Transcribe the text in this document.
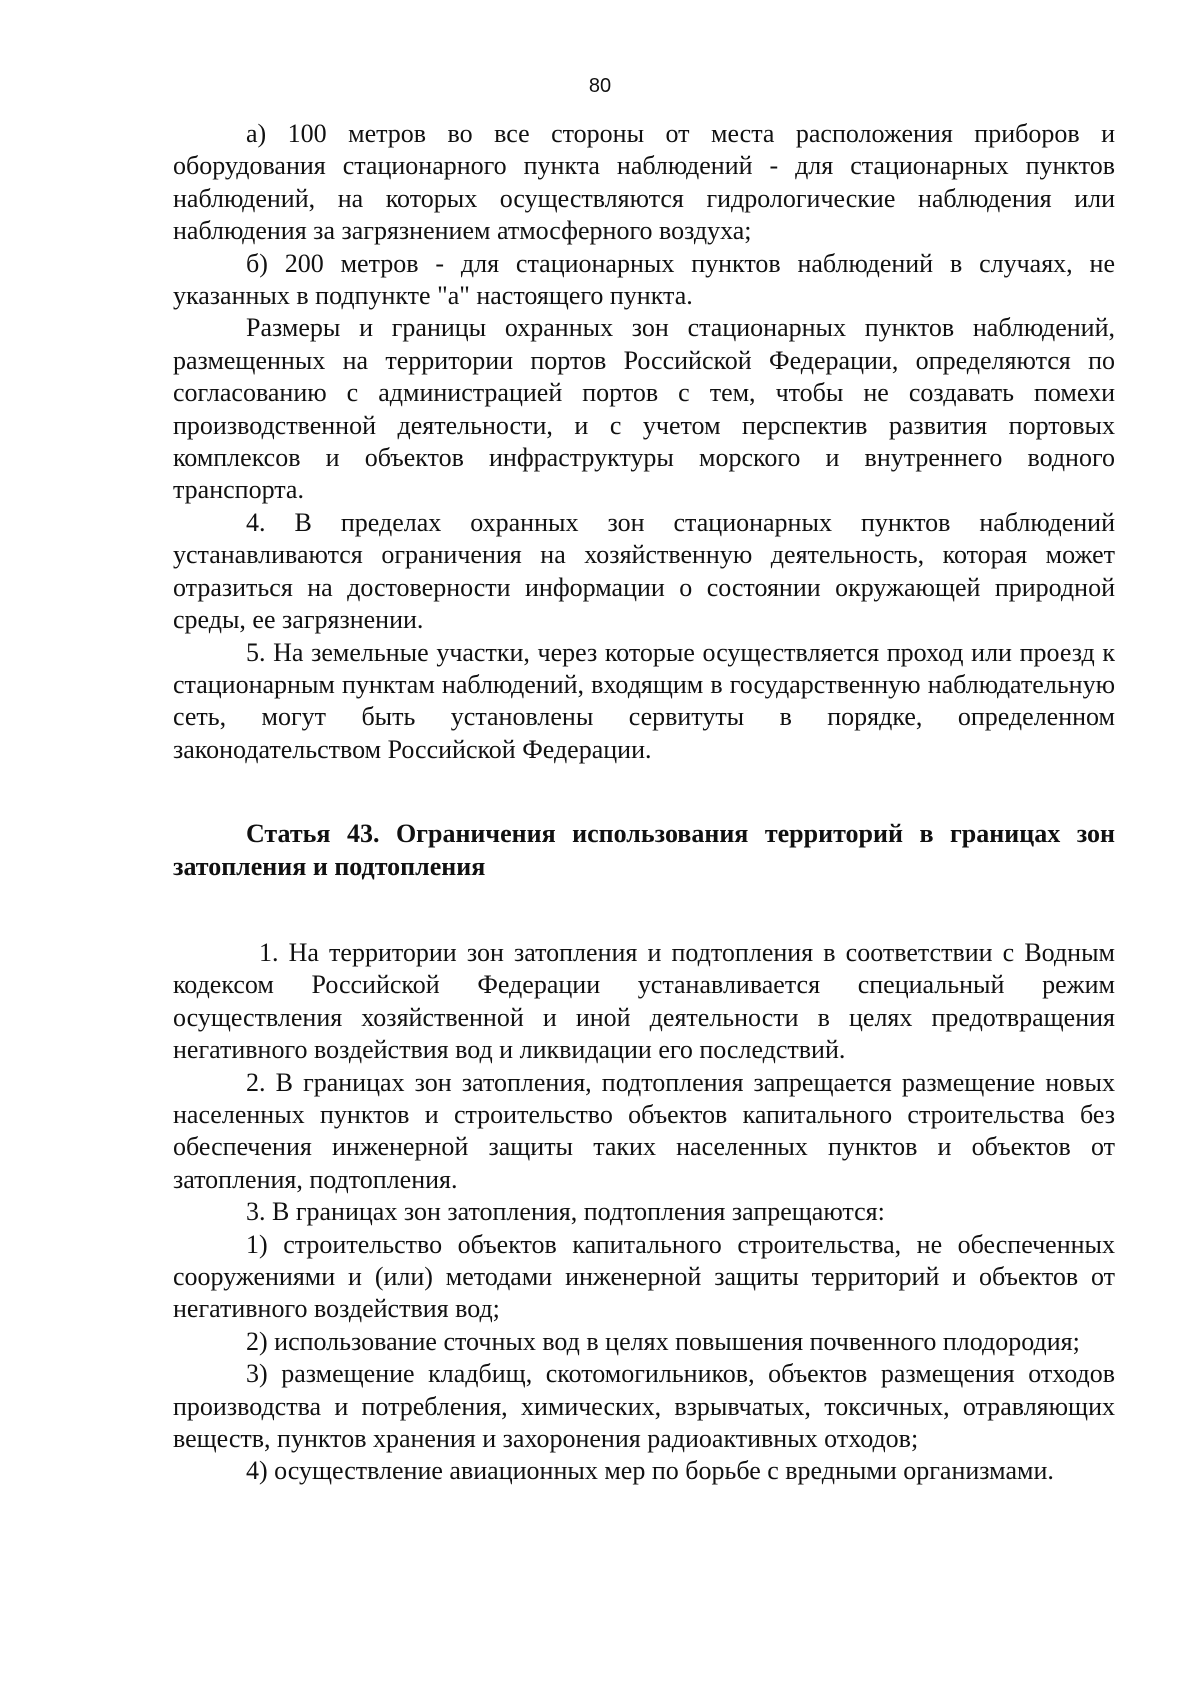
80

а) 100 метров во все стороны от места расположения приборов и оборудования стационарного пункта наблюдений - для стационарных пунктов наблюдений, на которых осуществляются гидрологические наблюдения или наблюдения за загрязнением атмосферного воздуха;

б) 200 метров - для стационарных пунктов наблюдений в случаях, не указанных в подпункте "а" настоящего пункта.

Размеры и границы охранных зон стационарных пунктов наблюдений, размещенных на территории портов Российской Федерации, определяются по согласованию с администрацией портов с тем, чтобы не создавать помехи производственной деятельности, и с учетом перспектив развития портовых комплексов и объектов инфраструктуры морского и внутреннего водного транспорта.

4. В пределах охранных зон стационарных пунктов наблюдений устанавливаются ограничения на хозяйственную деятельность, которая может отразиться на достоверности информации о состоянии окружающей природной среды, ее загрязнении.

5. На земельные участки, через которые осуществляется проход или проезд к стационарным пунктам наблюдений, входящим в государственную наблюдательную сеть, могут быть установлены сервитуты в порядке, определенном законодательством Российской Федерации.

Статья 43. Ограничения использования территорий в границах зон затопления и подтопления

1. На территории зон затопления и подтопления в соответствии с Водным кодексом Российской Федерации устанавливается специальный режим осуществления хозяйственной и иной деятельности в целях предотвращения негативного воздействия вод и ликвидации его последствий.

2. В границах зон затопления, подтопления запрещается размещение новых населенных пунктов и строительство объектов капитального строительства без обеспечения инженерной защиты таких населенных пунктов и объектов от затопления, подтопления.

3. В границах зон затопления, подтопления запрещаются:

1) строительство объектов капитального строительства, не обеспеченных сооружениями и (или) методами инженерной защиты территорий и объектов от негативного воздействия вод;

2) использование сточных вод в целях повышения почвенного плодородия;

3) размещение кладбищ, скотомогильников, объектов размещения отходов производства и потребления, химических, взрывчатых, токсичных, отравляющих веществ, пунктов хранения и захоронения радиоактивных отходов;

4) осуществление авиационных мер по борьбе с вредными организмами.
